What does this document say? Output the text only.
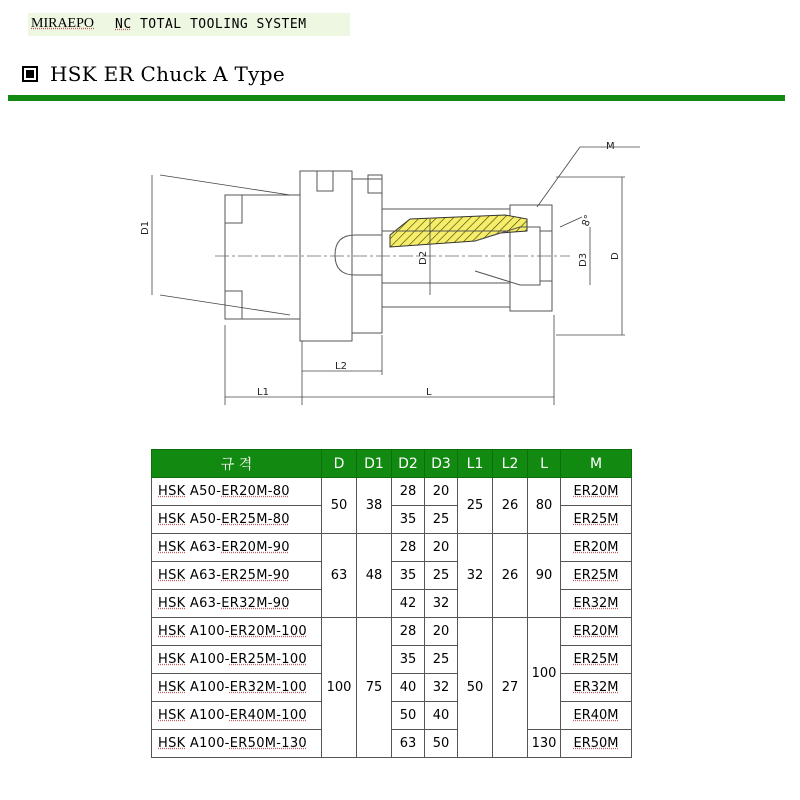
MIRAEPO NC TOTAL TOOLING SYSTEM
HSK ER Chuck A Type
M
D1
D2	D3 D
8°
L1
L2
L
규 격	D	D1	D2	D3	L1	L2	L	M
HSK A50-ER20M-80	50	38	28	20	25	26	80	ER20M
HSK A50-ER25M-80			35	25				ER25M
HSK A63-ER20M-90	63	48	28	20	32	26	90	ER20M
HSK A63-ER25M-90			35	25				ER25M
HSK A63-ER32M-90			42	32				ER32M
HSK A100-ER20M-100	100	75	28	20	50	27	100	ER20M
HSK A100-ER25M-100			35	25				ER25M
HSK A100-ER32M-100			40	32				ER32M
HSK A100-ER40M-100			50	40				ER40M
HSK A100-ER50M-130			63	50			130	ER50M
